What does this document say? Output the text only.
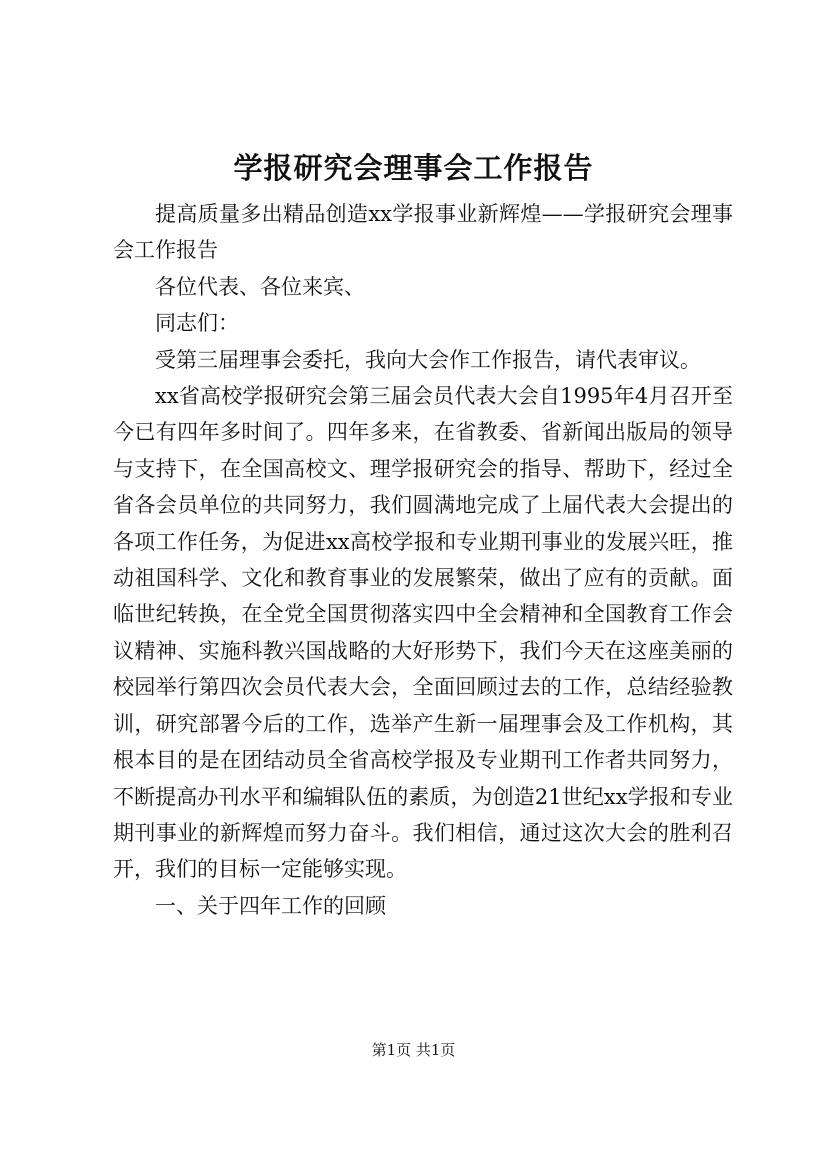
学报研究会理事会工作报告

提高质量多出精品创造xx学报事业新辉煌——学报研究会理事会工作报告

各位代表、各位来宾、

同志们：

受第三届理事会委托，我向大会作工作报告，请代表审议。

xx省高校学报研究会第三届会员代表大会自1995年4月召开至今已有四年多时间了。四年多来，在省教委、省新闻出版局的领导与支持下，在全国高校文、理学报研究会的指导、帮助下，经过全省各会员单位的共同努力，我们圆满地完成了上届代表大会提出的各项工作任务，为促进xx高校学报和专业期刊事业的发展兴旺，推动祖国科学、文化和教育事业的发展繁荣，做出了应有的贡献。面临世纪转换，在全党全国贯彻落实四中全会精神和全国教育工作会议精神、实施科教兴国战略的大好形势下，我们今天在这座美丽的校园举行第四次会员代表大会，全面回顾过去的工作，总结经验教训，研究部署今后的工作，选举产生新一届理事会及工作机构，其根本目的是在团结动员全省高校学报及专业期刊工作者共同努力，不断提高办刊水平和编辑队伍的素质，为创造21世纪xx学报和专业期刊事业的新辉煌而努力奋斗。我们相信，通过这次大会的胜利召开，我们的目标一定能够实现。

一、关于四年工作的回顾

第1页 共1页
